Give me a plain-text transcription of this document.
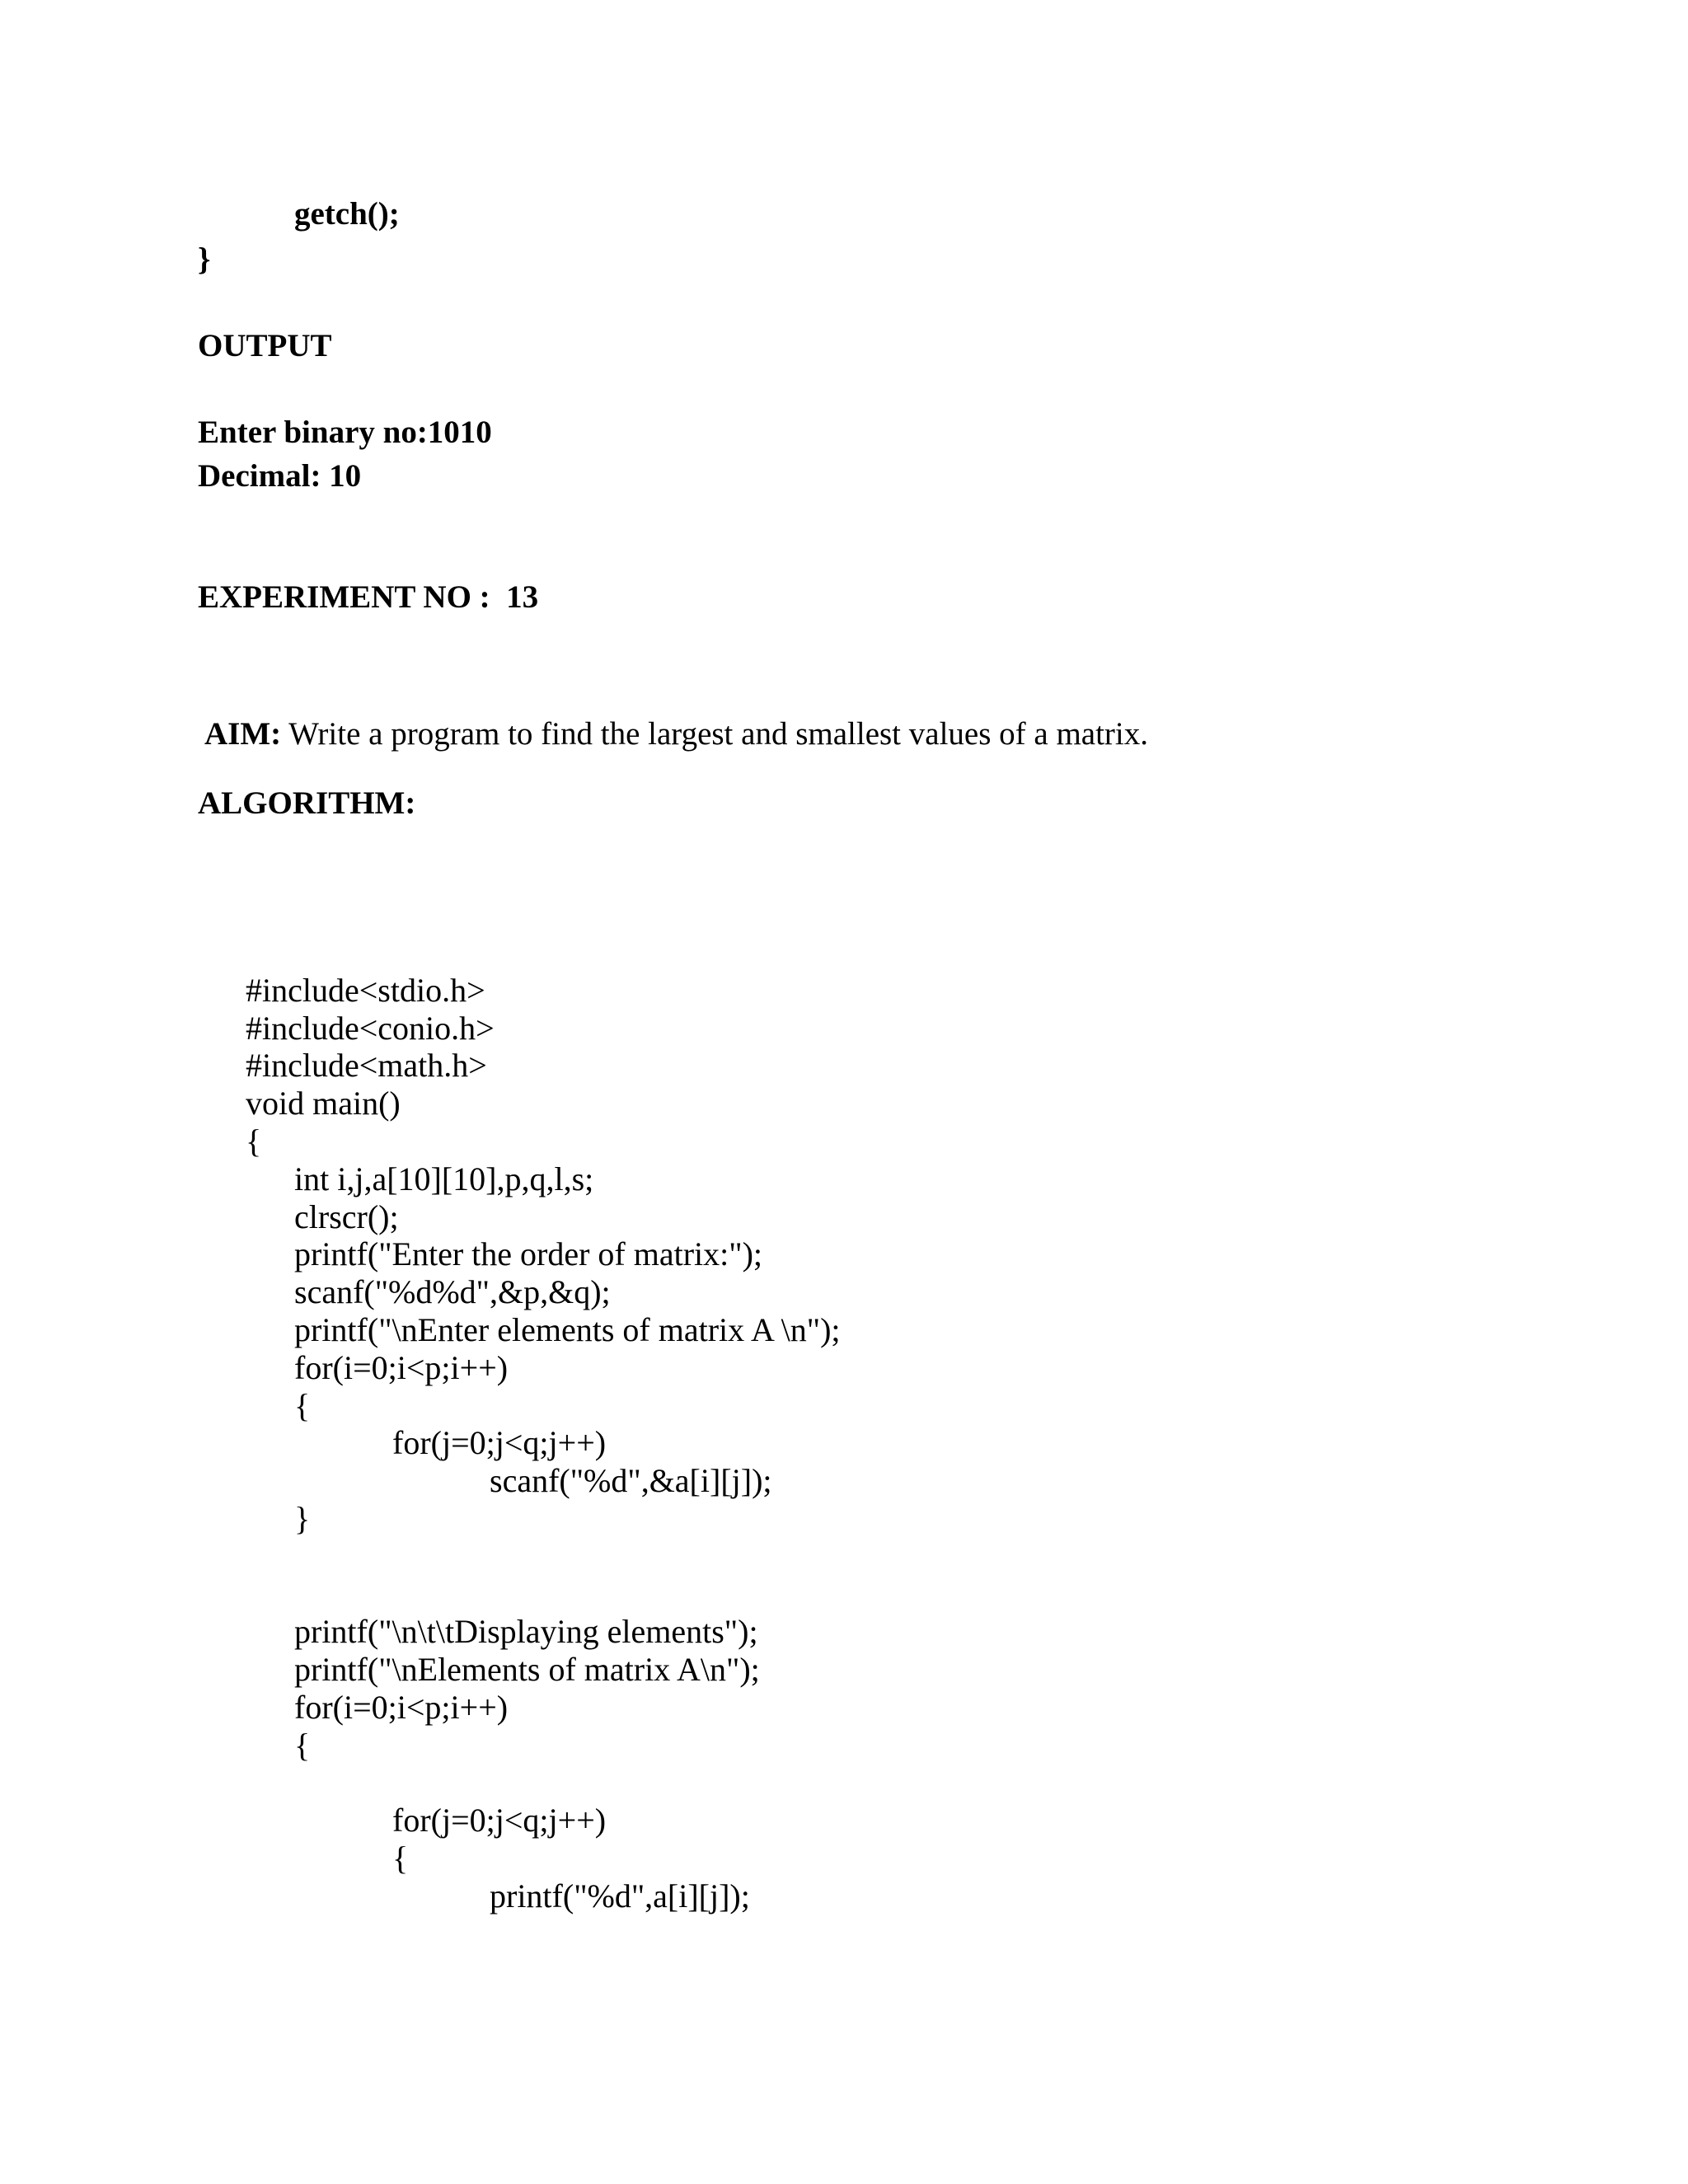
getch();
}
OUTPUT
Enter binary no:1010
Decimal: 10
EXPERIMENT NO :  13

AIM: Write a program to find the largest and smallest values of a matrix.

ALGORITHM:
#include<stdio.h>
#include<conio.h>
#include<math.h>
void main()
{
int i,j,a[10][10],p,q,l,s;
clrscr();
printf("Enter the order of matrix:");
scanf("%d%d",&p,&q);
printf("\nEnter elements of matrix A \n");
for(i=0;i<p;i++)
{
for(j=0;j<q;j++)
scanf("%d",&a[i][j]);
}
printf("\n\t\tDisplaying elements");
printf("\nElements of matrix A\n");
for(i=0;i<p;i++)
{
for(j=0;j<q;j++)
{
printf("%d",a[i][j]);
